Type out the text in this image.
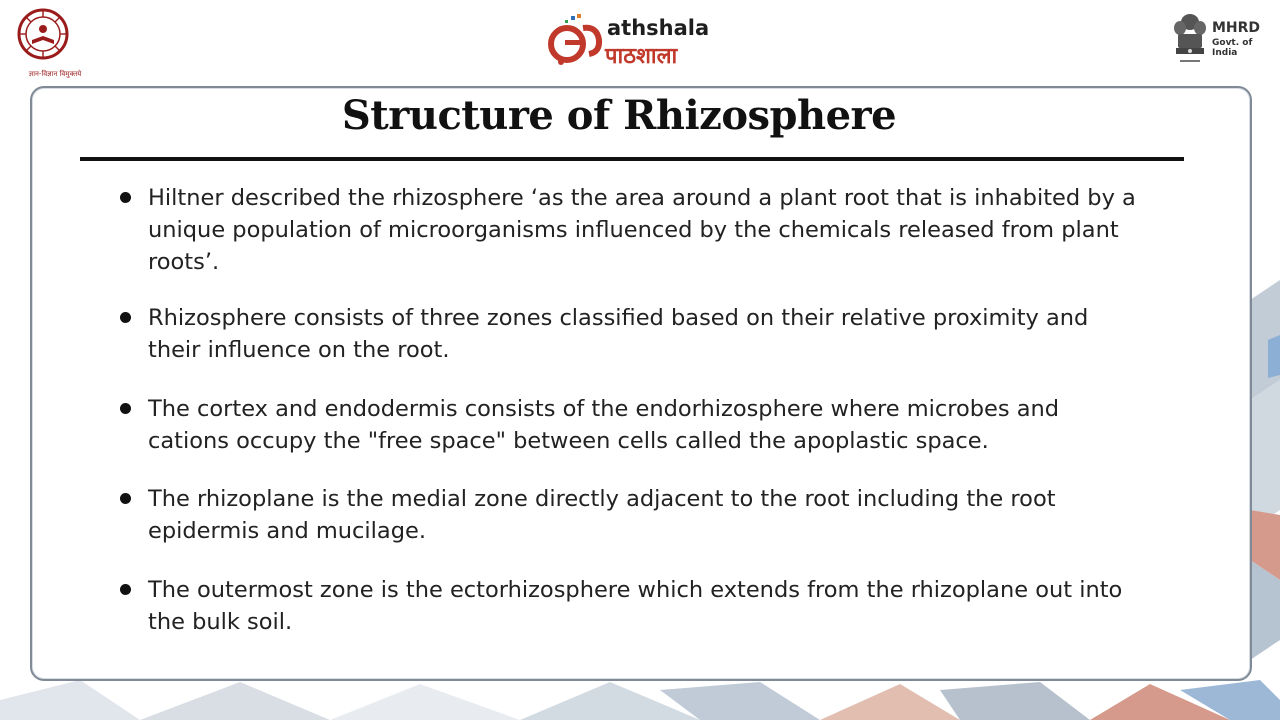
ज्ञान-विज्ञान विमुक्तये
athshala
पाठशाला
MHRD
Govt. of India
Structure of Rhizosphere
Hiltner described the rhizosphere ‘as the area around a plant root that is inhabited by a unique population of microorganisms influenced by the chemicals released from plant roots’.
Rhizosphere consists of three zones classified based on their relative proximity and their influence on the root.
The cortex and endodermis consists of the endorhizosphere where microbes and cations occupy the "free space" between cells called the apoplastic space.
The rhizoplane is the medial zone directly adjacent to the root including the root epidermis and mucilage.
The outermost zone is the ectorhizosphere which extends from the rhizoplane out into the bulk soil.
